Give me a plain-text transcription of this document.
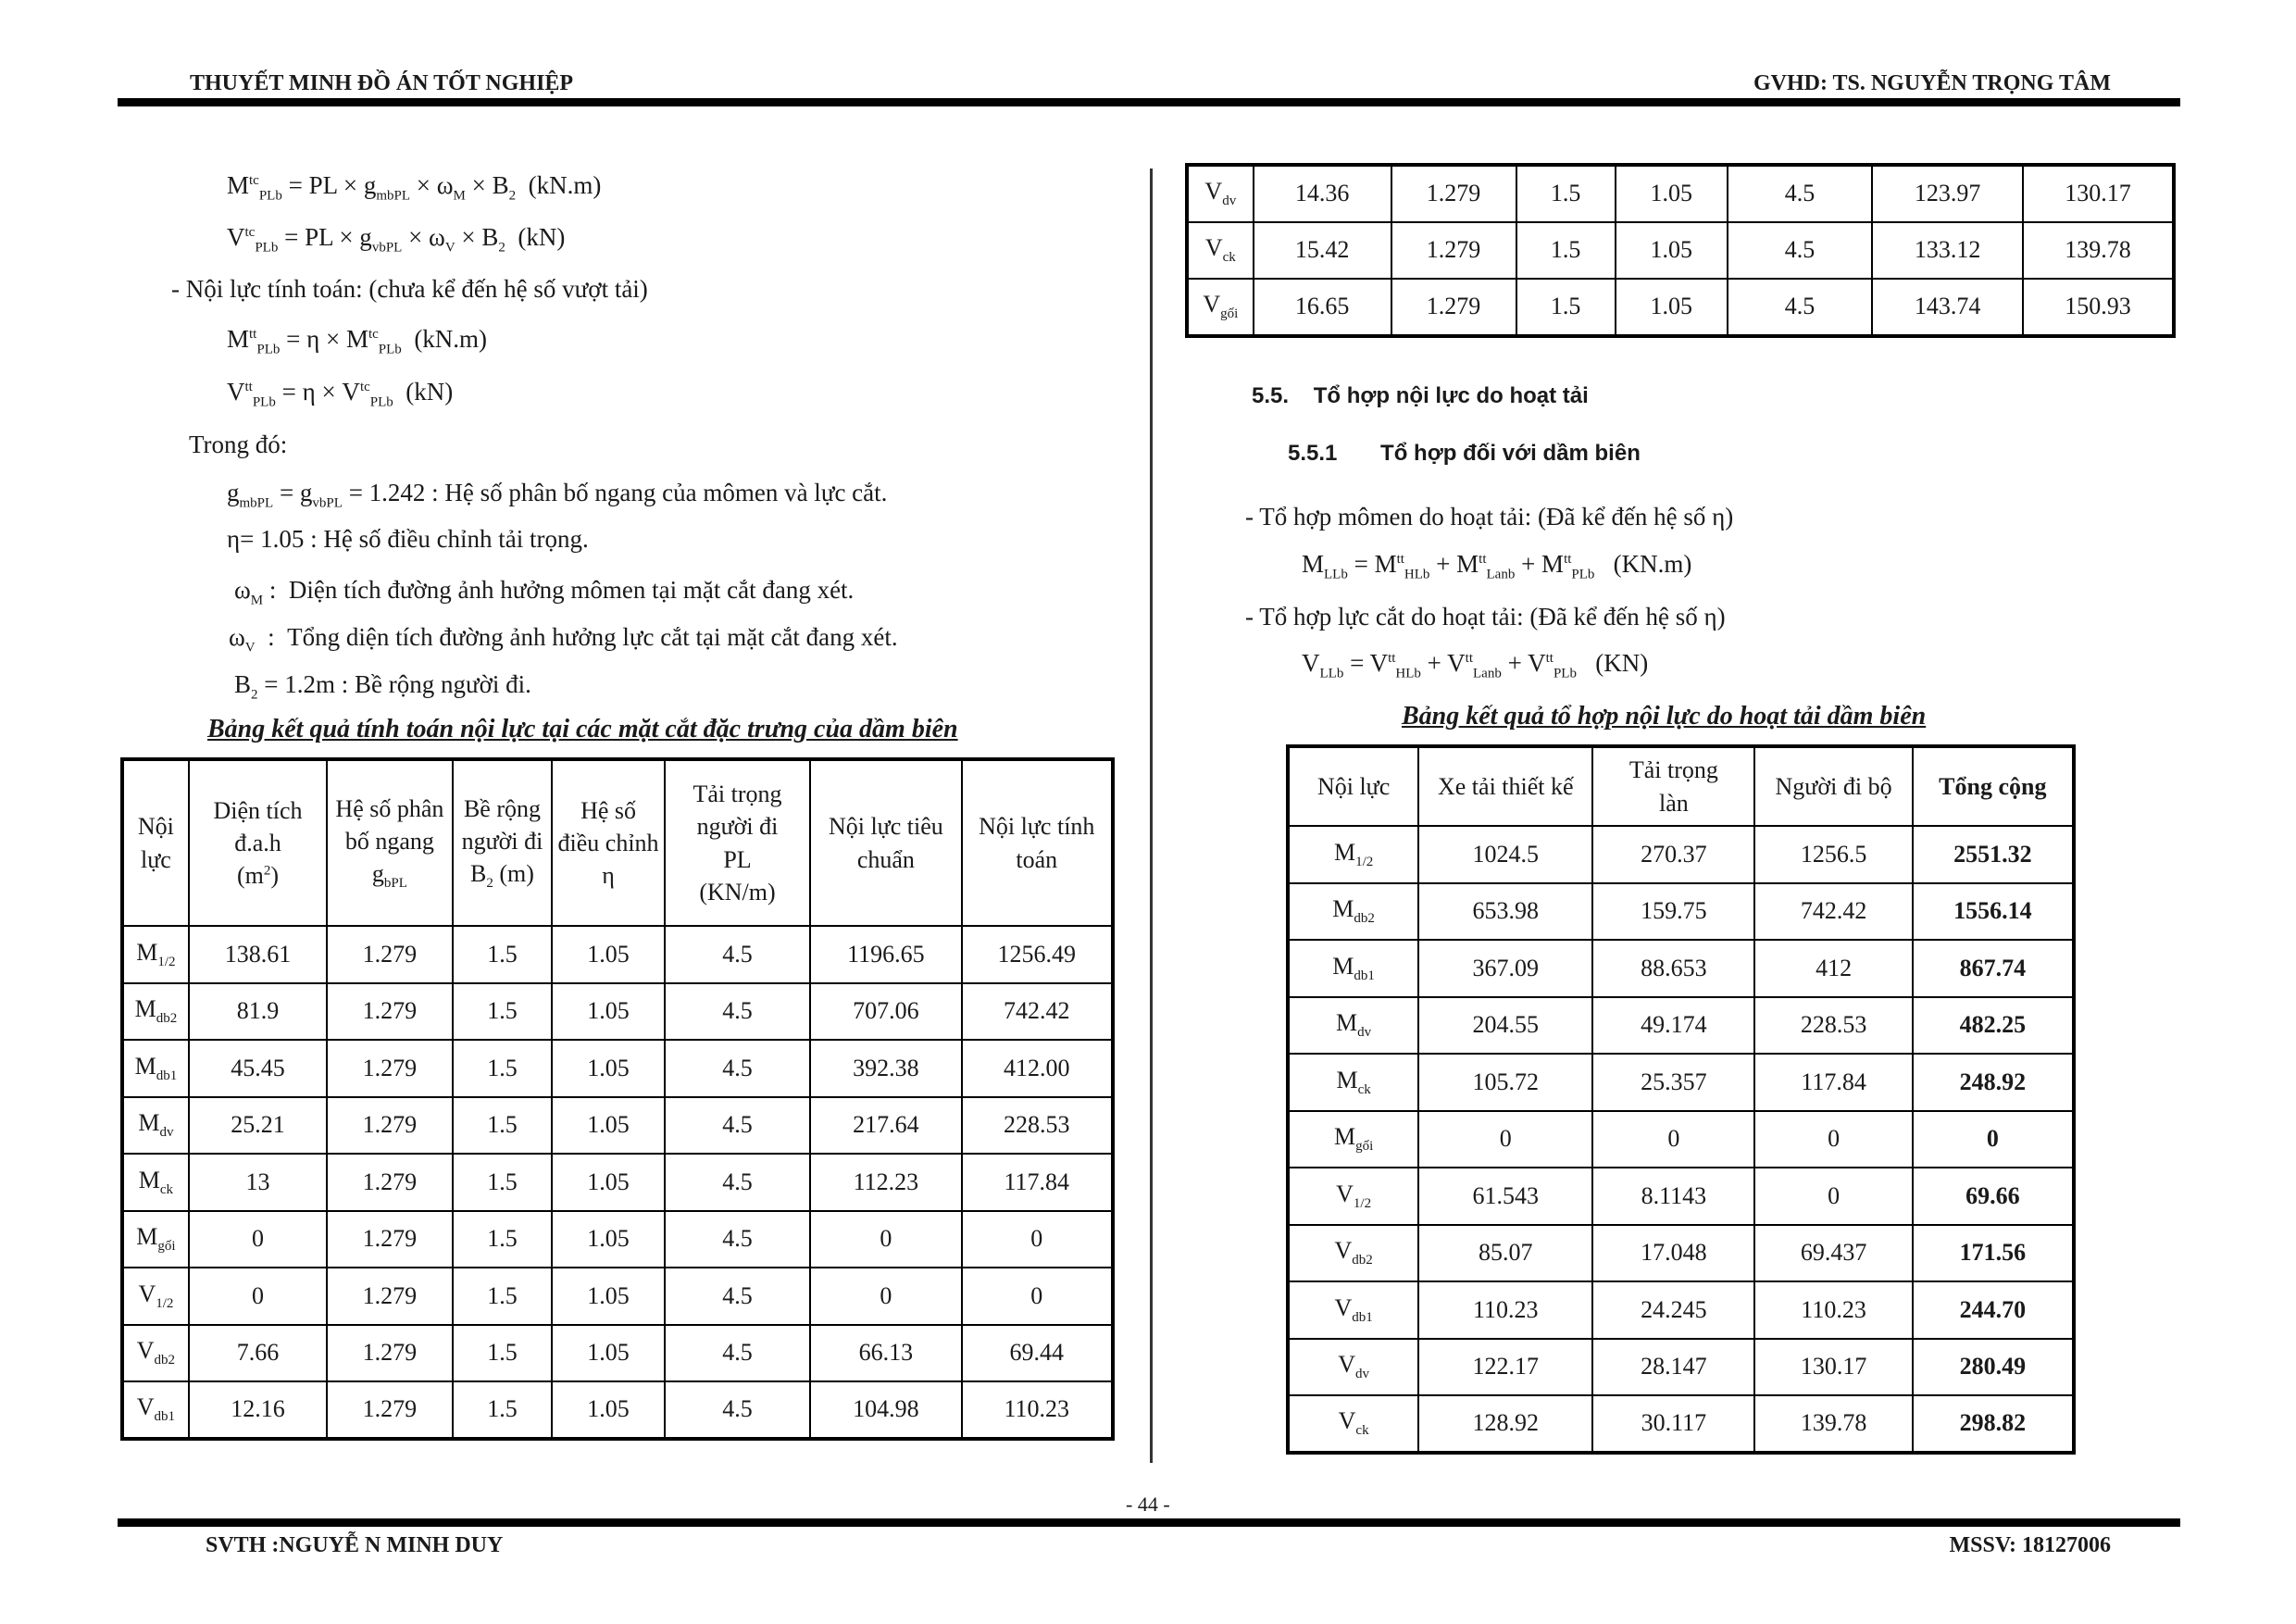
THUYẾT MINH ĐỒ ÁN TỐT NGHIỆP	GVHD: TS. NGUYỄN TRỌNG TÂM
$M^{tc}_{PLb}$ = PL × $g_{mbPL} \times \omega_M \times B_2$  (kN.m)
$V^{tc}_{PLb}$ = PL × $g_{vbPL} \times \omega_V \times B_2$  (kN)
- Nội lực tính toán: (chưa kể đến hệ số vượt tải)
$M^{tt}_{PLb} = \eta \times M^{tc}_{PLb}$  (kN.m)
$V^{tt}_{PLb} = \eta \times V^{tc}_{PLb}$  (kN)
Trong đó:
$g_{mbPL} = g_{vbPL} = 1.242$ : Hệ số phân bố ngang của mômen và lực cắt.
η= 1.05 : Hệ số điều chỉnh tải trọng.
$\omega_M$ :  Diện tích đường ảnh hưởng mômen tại mặt cắt đang xét.
$\omega_V$  :  Tổng diện tích đường ảnh hưởng lực cắt tại mặt cắt đang xét.
$B_2 = 1.2m$ : Bề rộng người đi.
Bảng kết quả tính toán nội lực tại các mặt cắt đặc trưng của dầm biên
Nội
lực	Diện tích
đ.a.h
$(m^2)$	Hệ số phân
bố ngang
$g_{bPL}$	Bề rộng
người đi
$B_2$ (m)	Hệ số
điều chỉnh
η	Tải trọng
người đi
PL
(KN/m)	Nội lực tiêu
chuẩn	Nội lực tính
toán
$M_{1/2}$	138.61	1.279	1.5	1.05	4.5	1196.65	1256.49
$M_{db2}$	81.9	1.279	1.5	1.05	4.5	707.06	742.42
$M_{db1}$	45.45	1.279	1.5	1.05	4.5	392.38	412.00
$M_{dv}$	25.21	1.279	1.5	1.05	4.5	217.64	228.53
$M_{ck}$	13	1.279	1.5	1.05	4.5	112.23	117.84
$M_{gối}$	0	1.279	1.5	1.05	4.5	0	0
$V_{1/2}$	0	1.279	1.5	1.05	4.5	0	0
$V_{db2}$	7.66	1.279	1.5	1.05	4.5	66.13	69.44
$V_{db1}$	12.16	1.279	1.5	1.05	4.5	104.98	110.23
$V_{dv}$	14.36	1.279	1.5	1.05	4.5	123.97	130.17
$V_{ck}$	15.42	1.279	1.5	1.05	4.5	133.12	139.78
$V_{gối}$	16.65	1.279	1.5	1.05	4.5	143.74	150.93
5.5.    Tổ hợp nội lực do hoạt tải
5.5.1       Tổ hợp đối với dầm biên
- Tổ hợp mômen do hoạt tải: (Đã kể đến hệ số η)
$M_{LLb} = M^{tt}_{HLb} + M^{tt}_{Lanb} + M^{tt}_{PLb}$   (KN.m)
- Tổ hợp lực cắt do hoạt tải: (Đã kể đến hệ số η)
$V_{LLb} = V^{tt}_{HLb} + V^{tt}_{Lanb} + V^{tt}_{PLb}$   (KN)
Bảng kết quả tổ hợp nội lực do hoạt tải dầm biên
Nội lực	Xe tải thiết kế	Tải trọng
làn	Người đi bộ	Tổng cộng
$M_{1/2}$	1024.5	270.37	1256.5	2551.32
$M_{db2}$	653.98	159.75	742.42	1556.14
$M_{db1}$	367.09	88.653	412	867.74
$M_{dv}$	204.55	49.174	228.53	482.25
$M_{ck}$	105.72	25.357	117.84	248.92
$M_{gối}$	0	0	0	0
$V_{1/2}$	61.543	8.1143	0	69.66
$V_{db2}$	85.07	17.048	69.437	171.56
$V_{db1}$	110.23	24.245	110.23	244.70
$V_{dv}$	122.17	28.147	130.17	280.49
$V_{ck}$	128.92	30.117	139.78	298.82
- 44 -
SVTH :NGUYỄ N MINH DUY	MSSV: 18127006
